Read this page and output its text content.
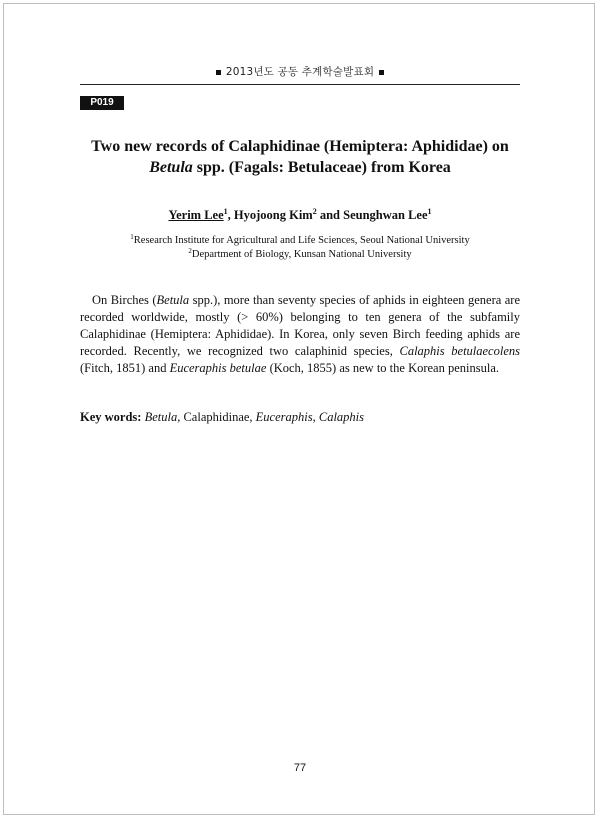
2013년도 공동 추계학술발표회
P019
Two new records of Calaphidinae (Hemiptera: Aphididae) on
Betula spp. (Fagals: Betulaceae) from Korea
Yerim Lee$^1$, Hyojoong Kim$^2$ and Seunghwan Lee$^1$
$^1$Research Institute for Agricultural and Life Sciences, Seoul National University
$^2$Department of Biology, Kunsan National University

On Birches (Betula spp.), more than seventy species of aphids in eighteen genera are recorded worldwide, mostly (> 60%) belonging to ten genera of the subfamily Calaphidinae (Hemiptera: Aphididae). In Korea, only seven Birch feeding aphids are recorded. Recently, we recognized two calaphinid species, Calaphis betulaecolens (Fitch, 1851) and Euceraphis betulae (Koch, 1855) as new to the Korean peninsula.

Key words: Betula, Calaphidinae, Euceraphis, Calaphis

77
